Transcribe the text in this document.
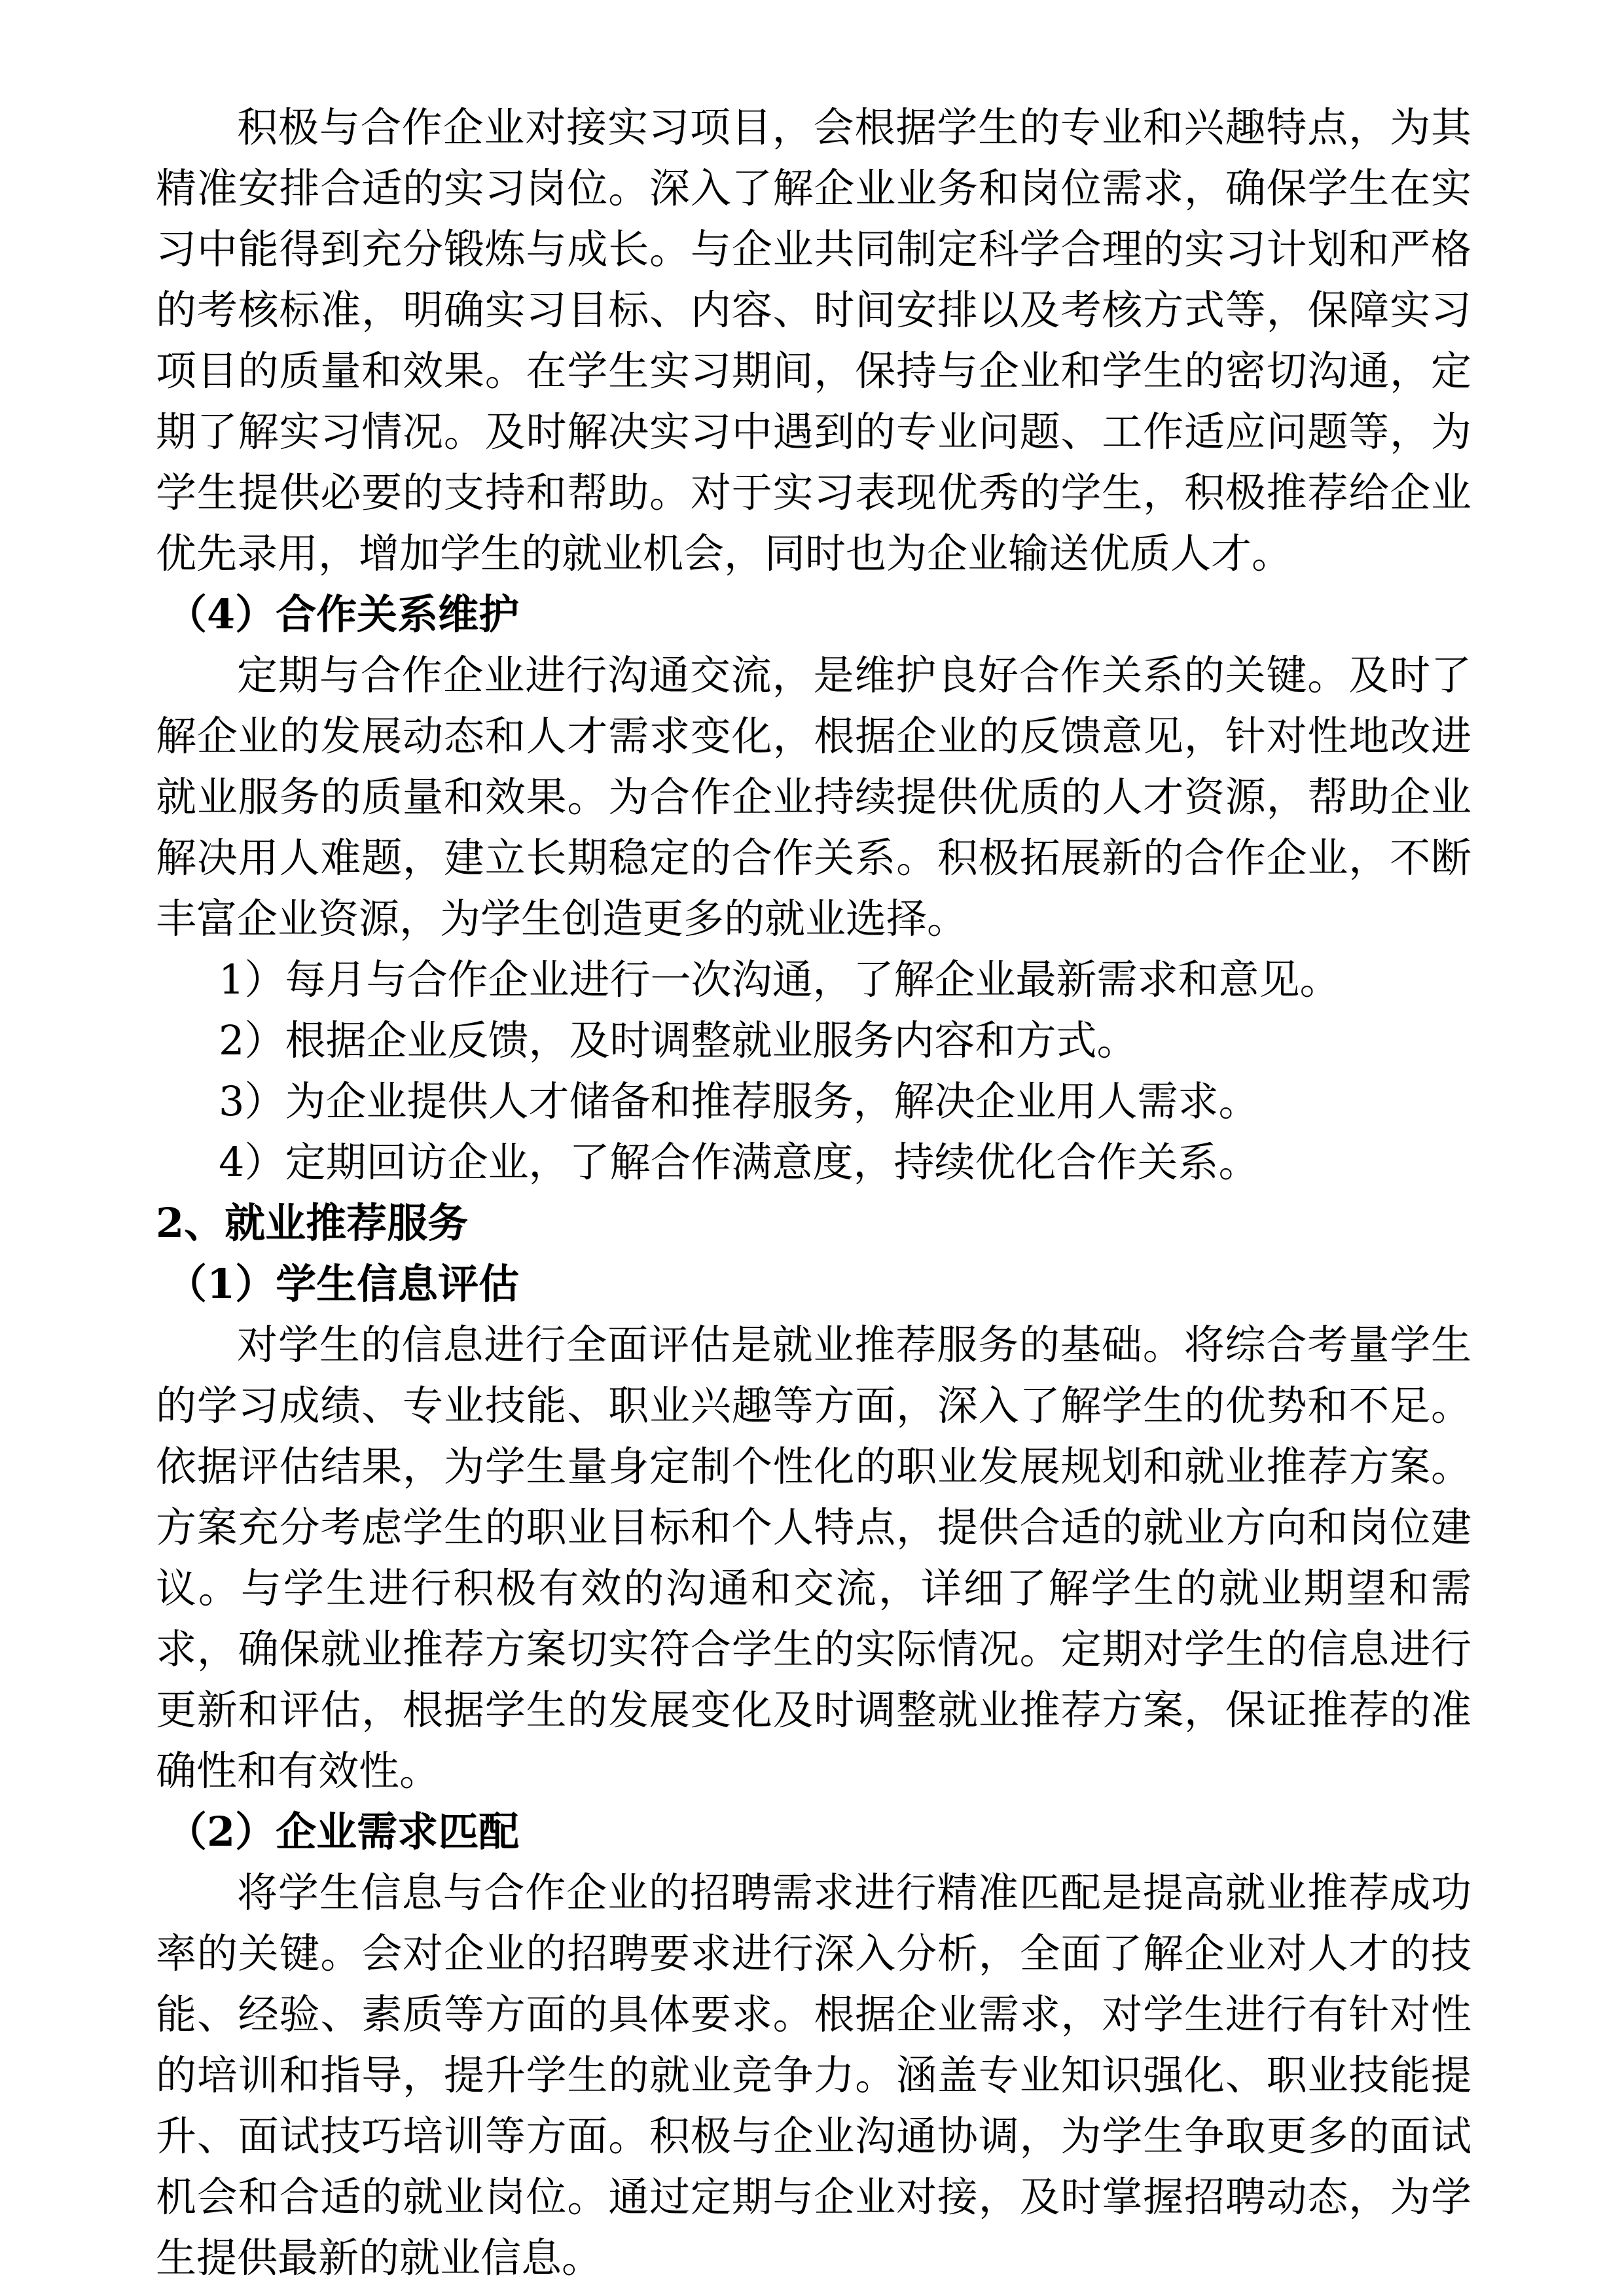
积极与合作企业对接实习项目，会根据学生的专业和兴趣特点，为其精准安排合适的实习岗位。深入了解企业业务和岗位需求，确保学生在实习中能得到充分锻炼与成长。与企业共同制定科学合理的实习计划和严格的考核标准，明确实习目标、内容、时间安排以及考核方式等，保障实习项目的质量和效果。在学生实习期间，保持与企业和学生的密切沟通，定期了解实习情况。及时解决实习中遇到的专业问题、工作适应问题等，为学生提供必要的支持和帮助。对于实习表现优秀的学生，积极推荐给企业优先录用，增加学生的就业机会，同时也为企业输送优质人才。

（4）合作关系维护

定期与合作企业进行沟通交流，是维护良好合作关系的关键。及时了解企业的发展动态和人才需求变化，根据企业的反馈意见，针对性地改进就业服务的质量和效果。为合作企业持续提供优质的人才资源，帮助企业解决用人难题，建立长期稳定的合作关系。积极拓展新的合作企业，不断丰富企业资源，为学生创造更多的就业选择。

1）每月与合作企业进行一次沟通，了解企业最新需求和意见。

2）根据企业反馈，及时调整就业服务内容和方式。

3）为企业提供人才储备和推荐服务，解决企业用人需求。

4）定期回访企业，了解合作满意度，持续优化合作关系。

2、就业推荐服务

（1）学生信息评估

对学生的信息进行全面评估是就业推荐服务的基础。将综合考量学生的学习成绩、专业技能、职业兴趣等方面，深入了解学生的优势和不足。依据评估结果，为学生量身定制个性化的职业发展规划和就业推荐方案。方案充分考虑学生的职业目标和个人特点，提供合适的就业方向和岗位建议。与学生进行积极有效的沟通和交流，详细了解学生的就业期望和需求，确保就业推荐方案切实符合学生的实际情况。定期对学生的信息进行更新和评估，根据学生的发展变化及时调整就业推荐方案，保证推荐的准确性和有效性。

（2）企业需求匹配

将学生信息与合作企业的招聘需求进行精准匹配是提高就业推荐成功率的关键。会对企业的招聘要求进行深入分析，全面了解企业对人才的技能、经验、素质等方面的具体要求。根据企业需求，对学生进行有针对性的培训和指导，提升学生的就业竞争力。涵盖专业知识强化、职业技能提升、面试技巧培训等方面。积极与企业沟通协调，为学生争取更多的面试机会和合适的就业岗位。通过定期与企业对接，及时掌握招聘动态，为学生提供最新的就业信息。
